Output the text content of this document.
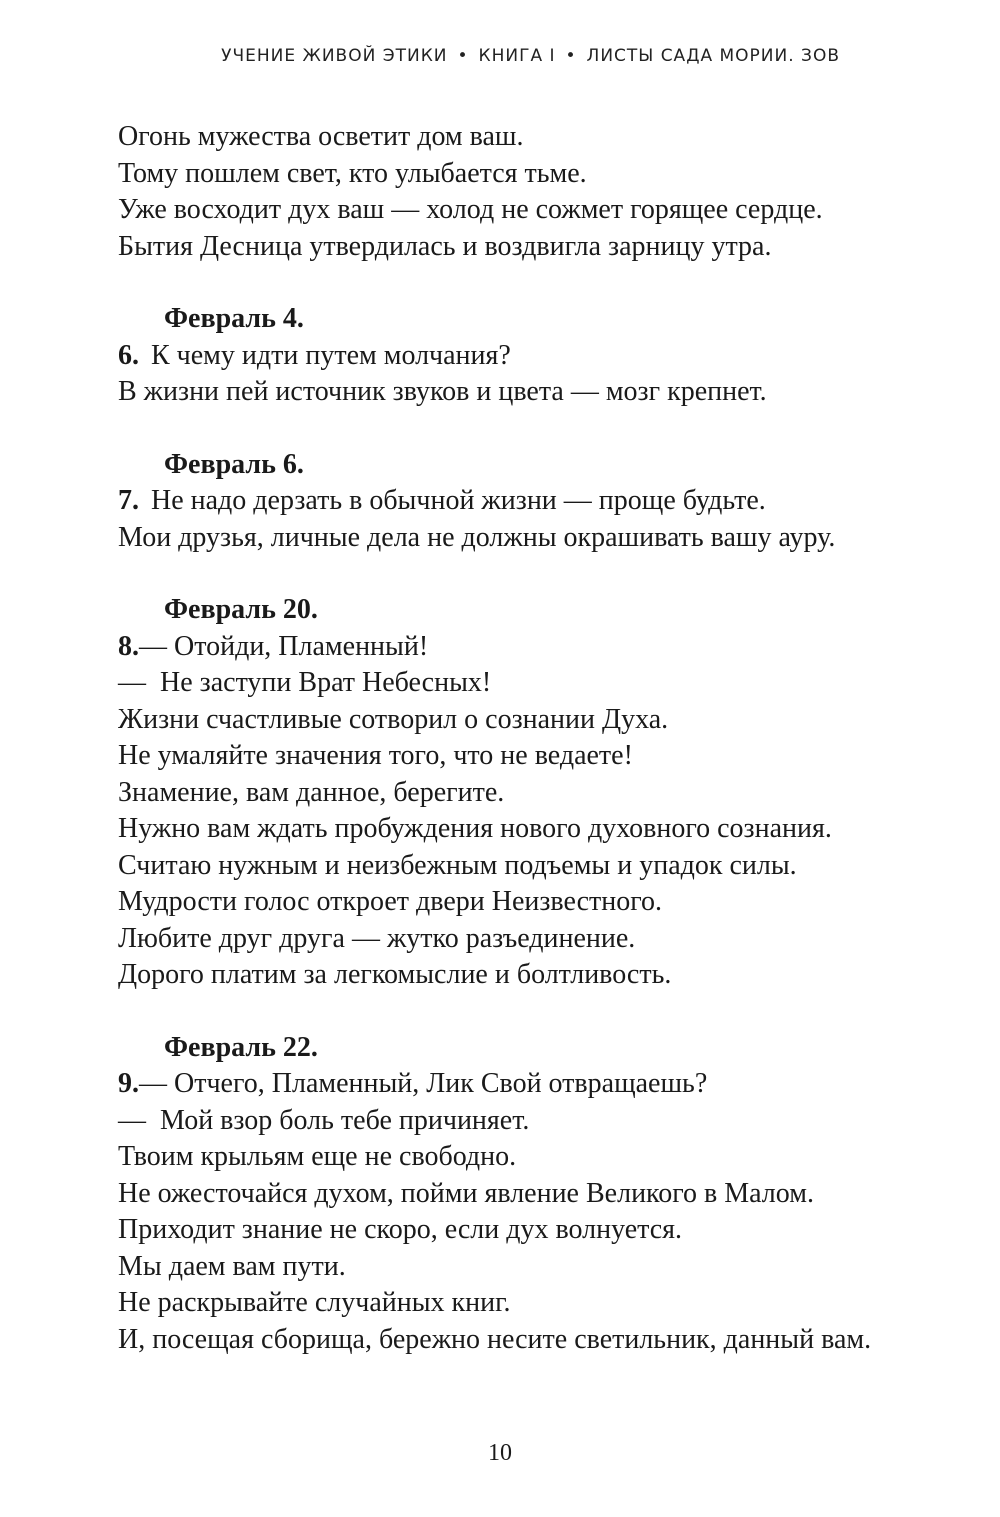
УЧЕНИЕ ЖИВОЙ ЭТИКИ • КНИГА I • ЛИСТЫ САДА МОРИИ. ЗОВ

Огонь мужества осветит дом ваш.

Тому пошлем свет, кто улыбается тьме.

Уже восходит дух ваш — холод не сожмет горящее сердце.

Бытия Десница утвердилась и воздвигла зарницу утра.

Февраль 4.

6. К чему идти путем молчания?

В жизни пей источник звуков и цвета — мозг крепнет.

Февраль 6.

7. Не надо дерзать в обычной жизни — проще будьте.

Мои друзья, личные дела не должны окрашивать вашу ауру.

Февраль 20.

8.— Отойди, Пламенный!

— Не заступи Врат Небесных!

Жизни счастливые сотворил о сознании Духа.

Не умаляйте значения того, что не ведаете!

Знамение, вам данное, берегите.

Нужно вам ждать пробуждения нового духовного сознания.

Считаю нужным и неизбежным подъемы и упадок силы.

Мудрости голос откроет двери Неизвестного.

Любите друг друга — жутко разъединение.

Дорого платим за легкомыслие и болтливость.

Февраль 22.

9.— Отчего, Пламенный, Лик Свой отвращаешь?

— Мой взор боль тебе причиняет.

Твоим крыльям еще не свободно.

Не ожесточайся духом, пойми явление Великого в Малом.

Приходит знание не скоро, если дух волнуется.

Мы даем вам пути.

Не раскрывайте случайных книг.

И, посещая сборища, бережно несите светильник, данный вам.

10
